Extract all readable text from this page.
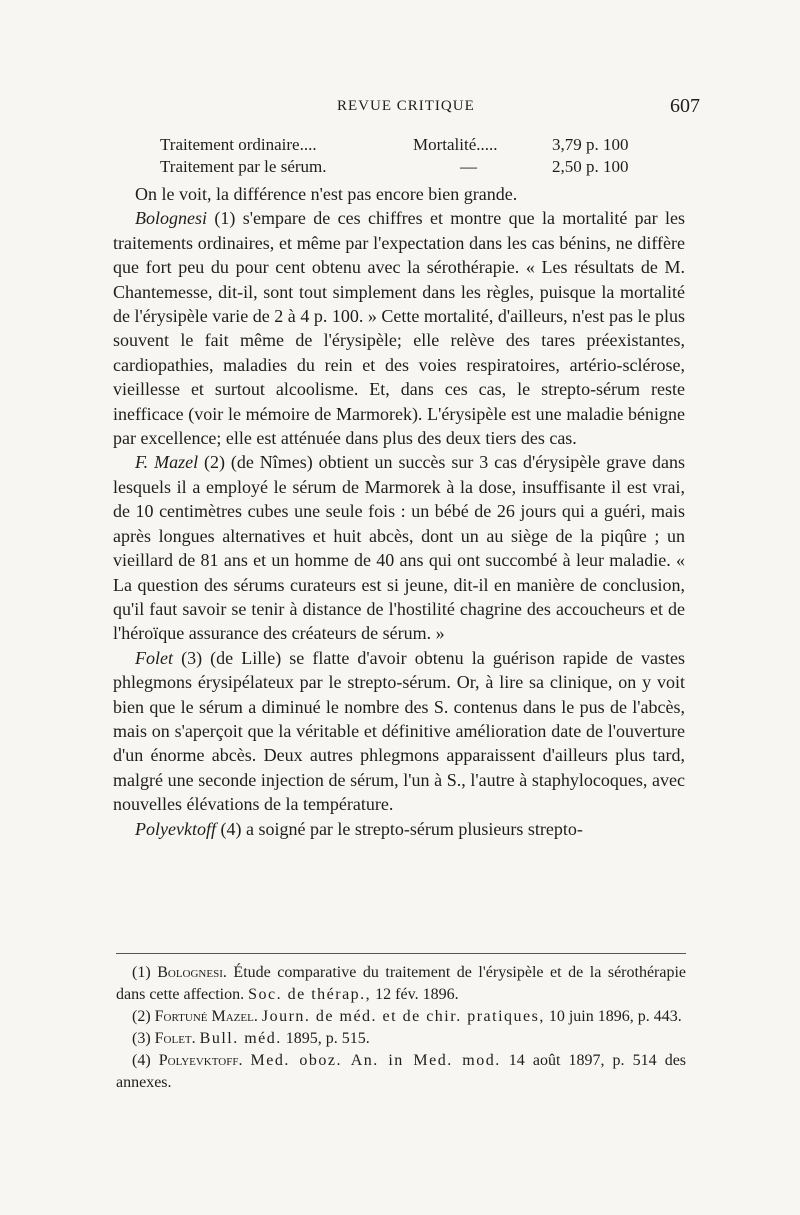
REVUE CRITIQUE	607
Traitement ordinaire....	Mortalité.....	3,79 p. 100
Traitement par le sérum.	—	2,50 p. 100

On le voit, la différence n'est pas encore bien grande.

Bolognesi (1) s'empare de ces chiffres et montre que la mortalité par les traitements ordinaires, et même par l'expectation dans les cas bénins, ne diffère que fort peu du pour cent obtenu avec la sérothérapie. « Les résultats de M. Chantemesse, dit-il, sont tout simplement dans les règles, puisque la mortalité de l'érysipèle varie de 2 à 4 p. 100. » Cette mortalité, d'ailleurs, n'est pas le plus souvent le fait même de l'érysipèle; elle relève des tares préexistantes, cardiopathies, maladies du rein et des voies respiratoires, artério-sclérose, vieillesse et surtout alcoolisme. Et, dans ces cas, le strepto-sérum reste inefficace (voir le mémoire de Marmorek). L'érysipèle est une maladie bénigne par excellence; elle est atténuée dans plus des deux tiers des cas.

F. Mazel (2) (de Nîmes) obtient un succès sur 3 cas d'érysipèle grave dans lesquels il a employé le sérum de Marmorek à la dose, insuffisante il est vrai, de 10 centimètres cubes une seule fois : un bébé de 26 jours qui a guéri, mais après longues alternatives et huit abcès, dont un au siège de la piqûre ; un vieillard de 81 ans et un homme de 40 ans qui ont succombé à leur maladie. « La question des sérums curateurs est si jeune, dit-il en manière de conclusion, qu'il faut savoir se tenir à distance de l'hostilité chagrine des accoucheurs et de l'héroïque assurance des créateurs de sérum. »

Folet (3) (de Lille) se flatte d'avoir obtenu la guérison rapide de vastes phlegmons érysipélateux par le strepto-sérum. Or, à lire sa clinique, on y voit bien que le sérum a diminué le nombre des S. contenus dans le pus de l'abcès, mais on s'aperçoit que la véritable et définitive amélioration date de l'ouverture d'un énorme abcès. Deux autres phlegmons apparaissent d'ailleurs plus tard, malgré une seconde injection de sérum, l'un à S., l'autre à staphylocoques, avec nouvelles élévations de la température.

Polyevktoff (4) a soigné par le strepto-sérum plusieurs strepto-

(1) Bolognesi. Étude comparative du traitement de l'érysipèle et de la sérothérapie dans cette affection. Soc. de thérap., 12 fév. 1896.

(2) Fortuné Mazel. Journ. de méd. et de chir. pratiques, 10 juin 1896, p. 443.

(3) Folet. Bull. méd. 1895, p. 515.

(4) Polyevktoff. Med. oboz. An. in Med. mod. 14 août 1897, p. 514 des annexes.
